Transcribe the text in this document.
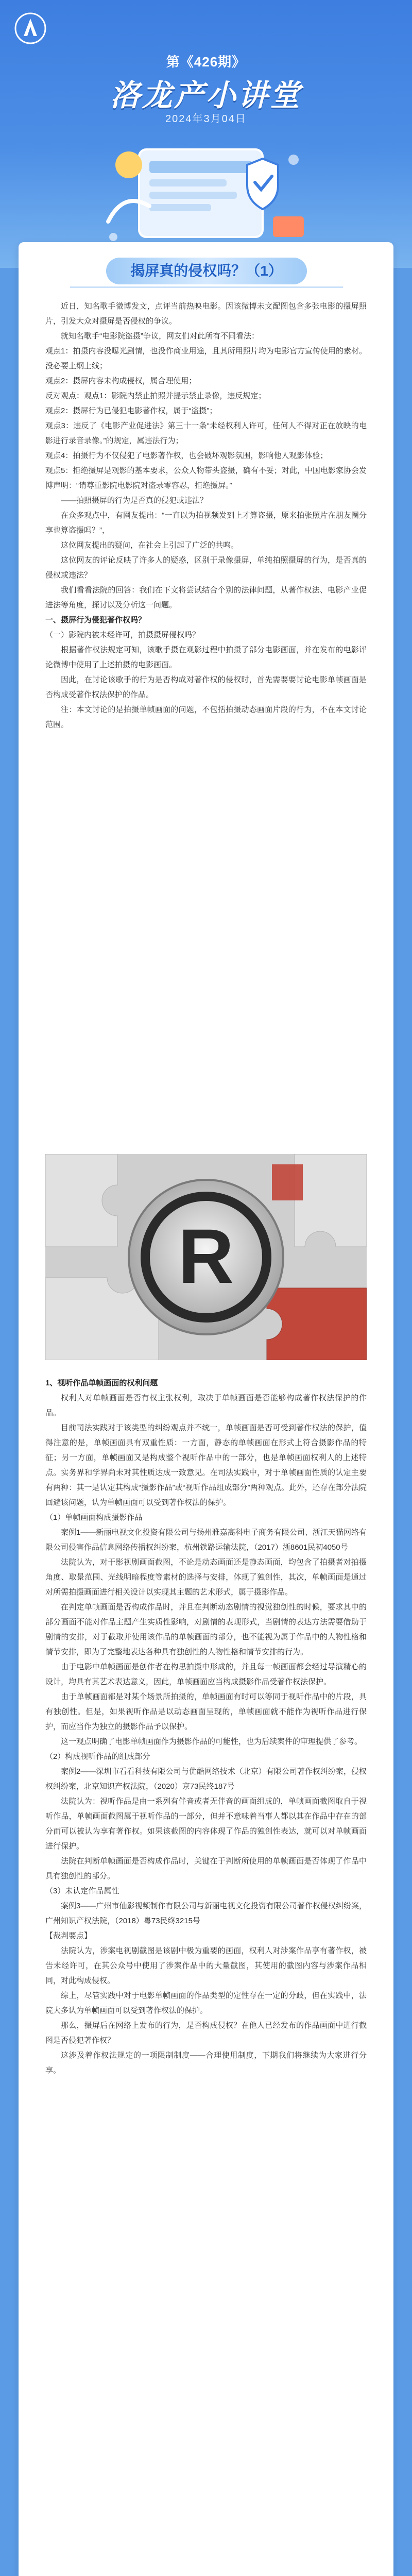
第《426期》
洛龙产小讲堂
2024年3月04日
揭屏真的侵权吗？（1）

近日，知名歌手微博发文，点评当前热映电影。因该微博未文配图包含多张电影的摄屏照片，引发大众对摄屏是否侵权的争议。

就知名歌手“电影院盗摄”争议，网友们对此所有不同看法：

观点1：拍摄内容没曝光剧情，也没作商业用途，且其所用照片均为电影官方宣传使用的素材。没必要上纲上线；

观点2：摄屏内容未构成侵权，属合理使用；

反对观点：观点1：影院内禁止拍照并提示禁止录像，违反规定；

观点2：摄屏行为已侵犯电影著作权，属于“盗摄”；

观点3：违反了《电影产业促进法》第三十一条“未经权利人许可，任何人不得对正在放映的电影进行录音录像。”的规定，属违法行为；

观点4：拍摄行为不仅侵犯了电影著作权，也会破坏观影氛围，影响他人观影体验；

观点5：拒绝摄屏是观影的基本要求，公众人物带头盗摄，确有不妥；对此，中国电影家协会发博声明：“请尊重影院电影院对盗录零容忍，拒绝摄屏。”

——拍照摄屏的行为是否真的侵犯或违法？

在众多观点中，有网友提出：“一直以为拍视频发到上才算盗摄，原来拍张照片在朋友圈分享也算盗摄吗？”，

这位网友提出的疑问，在社会上引起了广泛的共鸣。

这位网友的评论反映了许多人的疑惑，区别于录像摄屏，单纯拍照摄屏的行为，是否真的侵权或违法？

我们看看法院的回答：我们在下文将尝试结合个别的法律问题，从著作权法、电影产业促进法等角度，探讨以及分析这一问题。

一、摄屏行为侵犯著作权吗？

（一）影院内被未经许可，拍摄摄屏侵权吗？

根据著作权法规定可知，该歌手摄在观影过程中拍摄了部分电影画面，并在发布的电影评论微博中使用了上述拍摄的电影画面。

因此，在讨论该歌手的行为是否构成对著作权的侵权时，首先需要要讨论电影单帧画面是否构成受著作权法保护的作品。

注：本文讨论的是拍摄单帧画面的问题，不包括拍摄动态画面片段的行为，不在本文讨论范围。

R

1、视听作品单帧画面的权利问题

权利人对单帧画面是否有权主张权利，取决于单帧画面是否能够构成著作权法保护的作品。

目前司法实践对于该类型的纠纷观点并不统一，单帧画面是否可受到著作权法的保护，值得注意的是，单帧画面具有双重性质：一方面，静态的单帧画面在形式上符合摄影作品的特征；另一方面，单帧画面又是构成整个视听作品中的一部分，也是单帧画面权利人的上述特点。实务界和学界尚未对其性质达成一致意见。在司法实践中，对于单帧画面性质的认定主要有两种：其一是认定其构成“摄影作品”或“视听作品组成部分”两种观点。此外，还存在部分法院回避该问题，认为单帧画面可以受到著作权法的保护。

（1）单帧画面构成摄影作品

案例1——新丽电视文化投资有限公司与扬州雅嘉高科电子商务有限公司、浙江天猫网络有限公司侵害作品信息网络传播权纠纷案，杭州铁路运输法院，（2017）浙8601民初4050号

法院认为，对于影视剧画面截图，不论是动态画面还是静态画面，均包含了拍摄者对拍摄角度、取景范围、光线明暗程度等素材的选择与安排，体现了独创性，其次，单帧画面是通过对所需拍摄画面进行相关设计以实现其主题的艺术形式，属于摄影作品。

在判定单帧画面是否构成作品时，并且在判断动态剧情的视觉独创性的时候，要求其中的部分画面不能对作品主题产生实质性影响，对剧情的表现形式，当剧情的表达方法需要借助于剧情的安排，对于截取并使用该作品的单帧画面的部分，也不能视为属于作品中的人物性格和情节安排，即为了完整地表达各种具有独创性的人物性格和情节安排的行为。

由于电影中单帧画面是创作者在构思拍摄中形成的，并且每一帧画面都会经过导演精心的设计，均具有其艺术表达意义，因此，单帧画面应当构成摄影作品受著作权法保护。

由于单帧画面都是对某个场景所拍摄的，单帧画面有时可以等同于视听作品中的片段，具有独创性。但是，如果视听作品是以动态画面呈现的，单帧画面就不能作为视听作品进行保护，而应当作为独立的摄影作品予以保护。

这一观点明确了电影单帧画面作为摄影作品的可能性，也为后续案件的审理提供了参考。

（2）构成视听作品的组成部分

案例2——深圳市看看科技有限公司与优酷网络技术（北京）有限公司著作权纠纷案，侵权权纠纷案，北京知识产权法院，（2020）京73民终187号

法院认为：视听作品是由一系列有伴音或者无伴音的画面组成的，单帧画面截图取自于视听作品，单帧画面截图属于视听作品的一部分，但并不意味着当事人都以其在作品中存在的部分而可以被认为享有著作权。如果该截图的内容体现了作品的独创性表达，就可以对单帧画面进行保护。

法院在判断单帧画面是否构成作品时，关键在于判断所使用的单帧画面是否体现了作品中具有独创性的部分。

（3）未认定作品属性

案例3——广州市仙影视频制作有限公司与新丽电视文化投资有限公司著作权侵权纠纷案，广州知识产权法院，（2018）粤73民终3215号

【裁判要点】

法院认为，涉案电视剧截图是该剧中极为重要的画面，权利人对涉案作品享有著作权，被告未经许可，在其公众号中使用了涉案作品中的大量截图，其使用的截图内容与涉案作品相同，对此构成侵权。

综上，尽管实践中对于电影单帧画面的作品类型的定性存在一定的分歧，但在实践中，法院大多认为单帧画面可以受到著作权法的保护。

那么，摄屏后在网络上发布的行为，是否构成侵权？在他人已经发布的作品画面中进行截图是否侵犯著作权？

这涉及着作权法规定的一项限制制度——合理使用制度，下期我们将继续为大家进行分享。
